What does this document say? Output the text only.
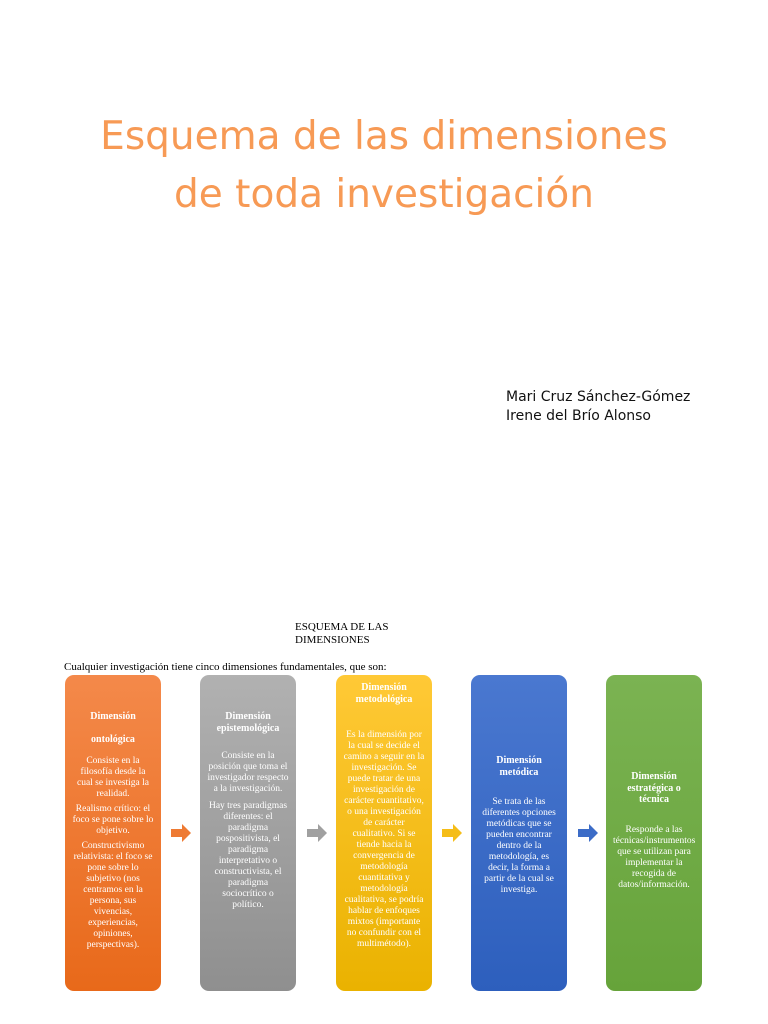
Esquema de las dimensiones
de toda investigación
Mari Cruz Sánchez-Gómez
Irene del Brío Alonso
ESQUEMA DE LAS
DIMENSIONES
Cualquier investigación tiene cinco dimensiones fundamentales, que son:

Dimensión

ontológica

Consiste en la filosofía desde la cual se investiga la realidad.

Realismo crítico: el foco se pone sobre lo objetivo.

Constructivismo relativista: el foco se pone sobre lo subjetivo (nos centramos en la persona, sus vivencias, experiencias, opiniones, perspectivas).

Dimensión epistemológica

Consiste en la posición que toma el investigador respecto a la investigación.

Hay tres paradigmas diferentes: el paradigma pospositivista, el paradigma interpretativo o constructivista, el paradigma sociocrítico o político.

Dimensión metodológica

Es la dimensión por la cual se decide el camino a seguir en la investigación. Se puede tratar de una investigación de carácter cuantitativo, o una investigación de carácter cualitativo. Si se tiende hacia la convergencia de metodología cuantitativa y metodología cualitativa, se podría hablar de enfoques mixtos (importante no confundir con el multimétodo).

Dimensión metódica

Se trata de las diferentes opciones metódicas que se pueden encontrar dentro de la metodología, es decir, la forma a partir de la cual se investiga.

Dimensión estratégica o técnica

Responde a las técnicas/instrumentos que se utilizan para implementar la recogida de datos/información.
